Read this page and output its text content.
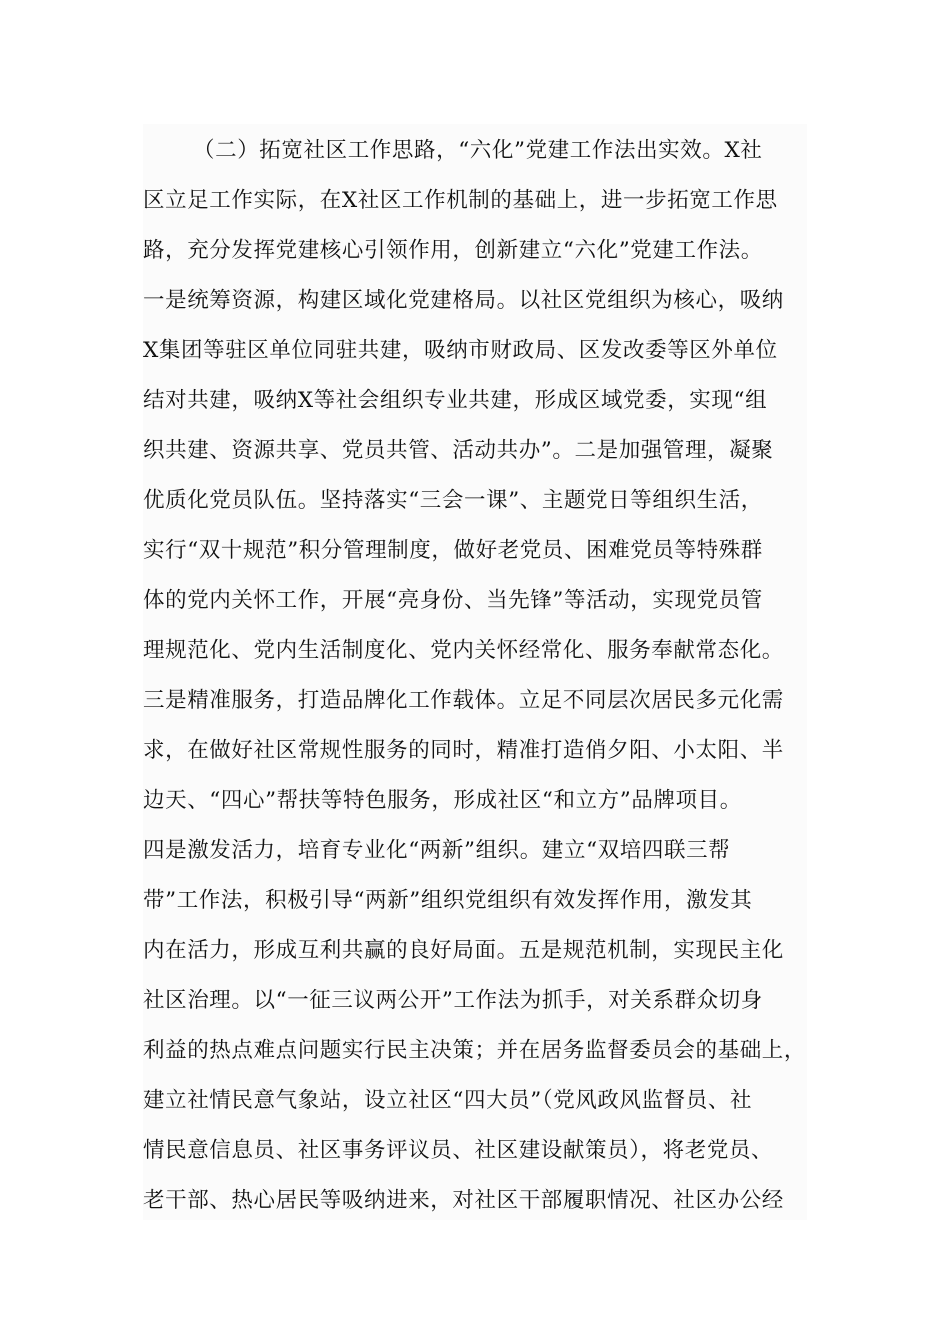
（二）拓宽社区工作思路，“六化”党建工作法出实效。X社
区立足工作实际，在X社区工作机制的基础上，进一步拓宽工作思
路，充分发挥党建核心引领作用，创新建立“六化”党建工作法。
一是统筹资源，构建区域化党建格局。以社区党组织为核心，吸纳
X集团等驻区单位同驻共建，吸纳市财政局、区发改委等区外单位
结对共建，吸纳X等社会组织专业共建，形成区域党委，实现“组
织共建、资源共享、党员共管、活动共办”。二是加强管理，凝聚
优质化党员队伍。坚持落实“三会一课”、主题党日等组织生活，
实行“双十规范”积分管理制度，做好老党员、困难党员等特殊群
体的党内关怀工作，开展“亮身份、当先锋”等活动，实现党员管
理规范化、党内生活制度化、党内关怀经常化、服务奉献常态化。
三是精准服务，打造品牌化工作载体。立足不同层次居民多元化需
求，在做好社区常规性服务的同时，精准打造俏夕阳、小太阳、半
边天、“四心”帮扶等特色服务，形成社区“和立方”品牌项目。
四是激发活力，培育专业化“两新”组织。建立“双培四联三帮
带”工作法，积极引导“两新”组织党组织有效发挥作用，激发其
内在活力，形成互利共赢的良好局面。五是规范机制，实现民主化
社区治理。以“一征三议两公开”工作法为抓手，对关系群众切身
利益的热点难点问题实行民主决策；并在居务监督委员会的基础上，
建立社情民意气象站，设立社区“四大员”（党风政风监督员、社
情民意信息员、社区事务评议员、社区建设献策员），将老党员、
老干部、热心居民等吸纳进来，对社区干部履职情况、社区办公经
